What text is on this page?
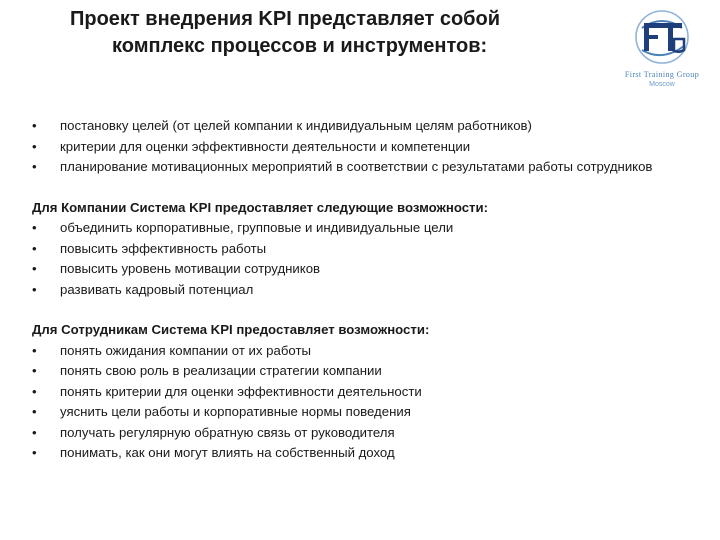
Проект внедрения KPI представляет собой
комплекс процессов и инструментов:
First Training Group
Moscow
• постановку целей (от целей компании к индивидуальным целям работников)
• критерии для оценки эффективности деятельности и компетенции
• планирование мотивационных мероприятий в соответствии с результатами работы сотрудников
Для Компании Система KPI предоставляет следующие возможности:
• объединить корпоративные, групповые и индивидуальные цели
• повысить эффективность работы
• повысить уровень мотивации сотрудников
• развивать кадровый потенциал
Для Сотрудникам Система KPI предоставляет возможности:
• понять ожидания компании от их работы
• понять свою роль в реализации стратегии компании
• понять критерии для оценки эффективности деятельности
• уяснить цели работы и корпоративные нормы поведения
• получать регулярную обратную связь от руководителя
• понимать, как они могут влиять на собственный доход
